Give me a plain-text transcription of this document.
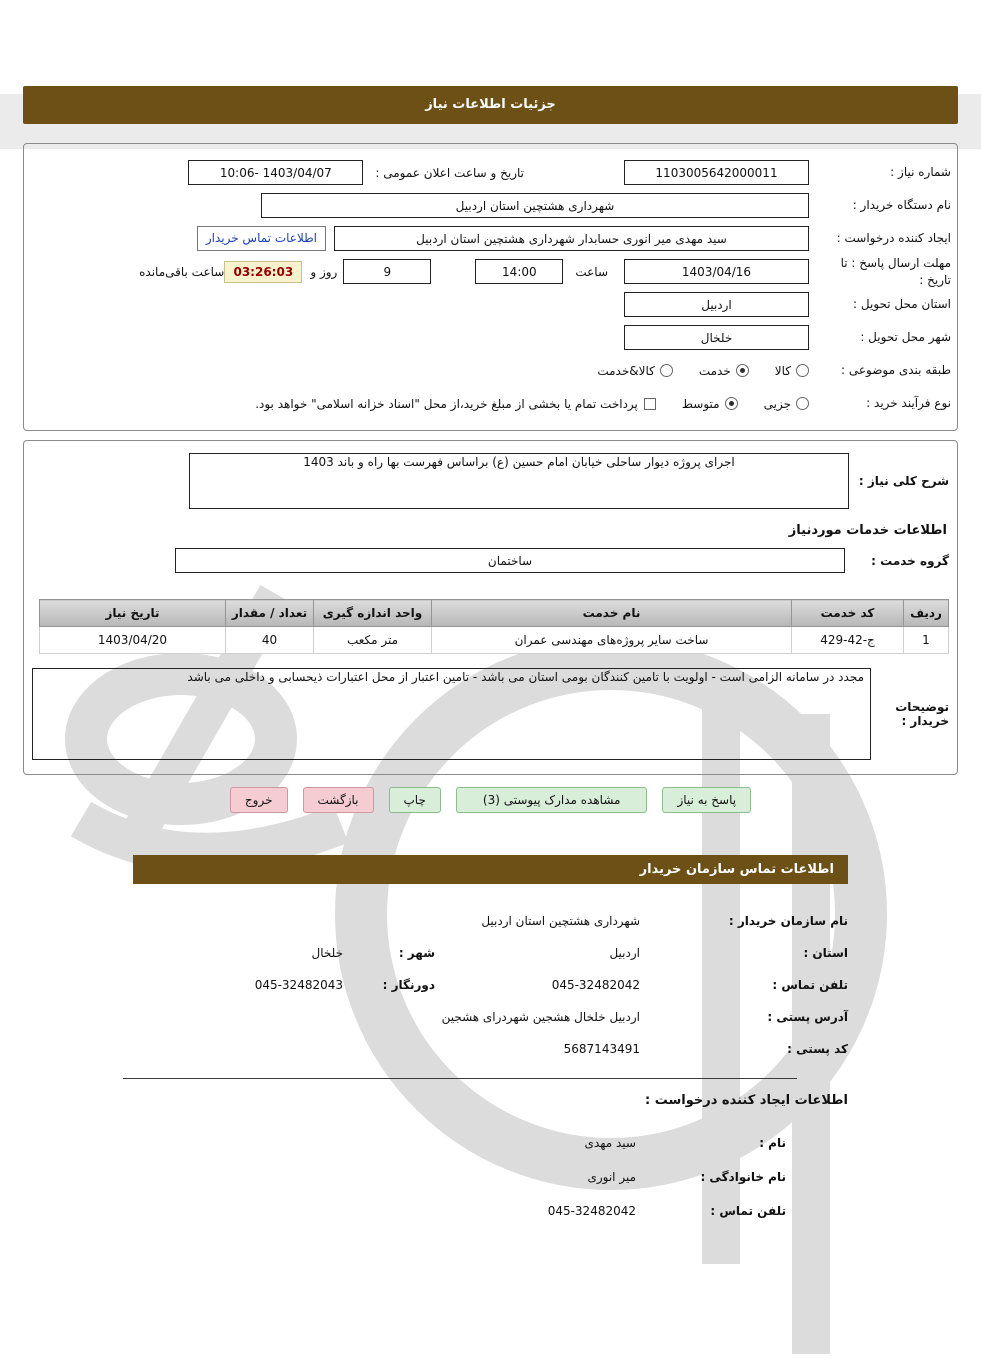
جزئیات اطلاعات نیاز
شماره نیاز :
1103005642000011
تاریخ و ساعت اعلان عمومی :
10:06- 1403/04/07
نام دستگاه خریدار :
شهرداری هشتچین استان اردبیل
ایجاد کننده درخواست :
سید مهدی میر انوری حسابدار شهرداری هشتچین استان اردبیل
اطلاعات تماس خریدار
مهلت ارسال پاسخ : تا تاریخ :
1403/04/16
ساعت
14:00
9
روز و
03:26:03
ساعت باقی‌مانده
استان محل تحویل :
اردبیل
شهر محل تحویل :
خلخال
طبقه بندی موضوعی :
کالا
خدمت
کالا&خدمت
نوع فرآیند خرید :
جزیی
متوسط
پرداخت تمام یا بخشی از مبلغ خرید،از محل "اسناد خزانه اسلامی" خواهد بود.
شرح کلی نیاز :
اجرای پروژه دیوار ساحلی خیابان امام حسین (ع) براساس فهرست بها راه و باند 1403
اطلاعات خدمات موردنیاز
گروه خدمت :
ساختمان
ردیف	کد خدمت	نام خدمت	واحد اندازه گیری	تعداد / مقدار	تاریخ نیاز
1	ج-42-429	ساخت سایر پروژه‌های مهندسی عمران	متر مکعب	40	1403/04/20
توضیحات خریدار :
مجدد در سامانه الزامی است - اولویت با تامین کنندگان بومی استان می باشد - تامین اعتبار از محل اعتبارات ذیحسابی و داخلی می باشد
پاسخ به نیاز
مشاهده مدارک پیوستی (3)
چاپ
بازگشت
خروج
اطلاعات تماس سازمان خریدار
نام سازمان خریدار :
شهرداری هشتچین استان اردبیل
استان :
اردبیل
شهر :
خلخال
تلفن تماس :
045-32482042
دورنگار :
045-32482043
آدرس پستی :
اردبیل خلخال هشجین شهردرای هشجین
کد پستی :
5687143491
اطلاعات ایجاد کننده درخواست :
نام :
سید مهدی
نام خانوادگی :
میر انوری
تلفن تماس :
045-32482042
